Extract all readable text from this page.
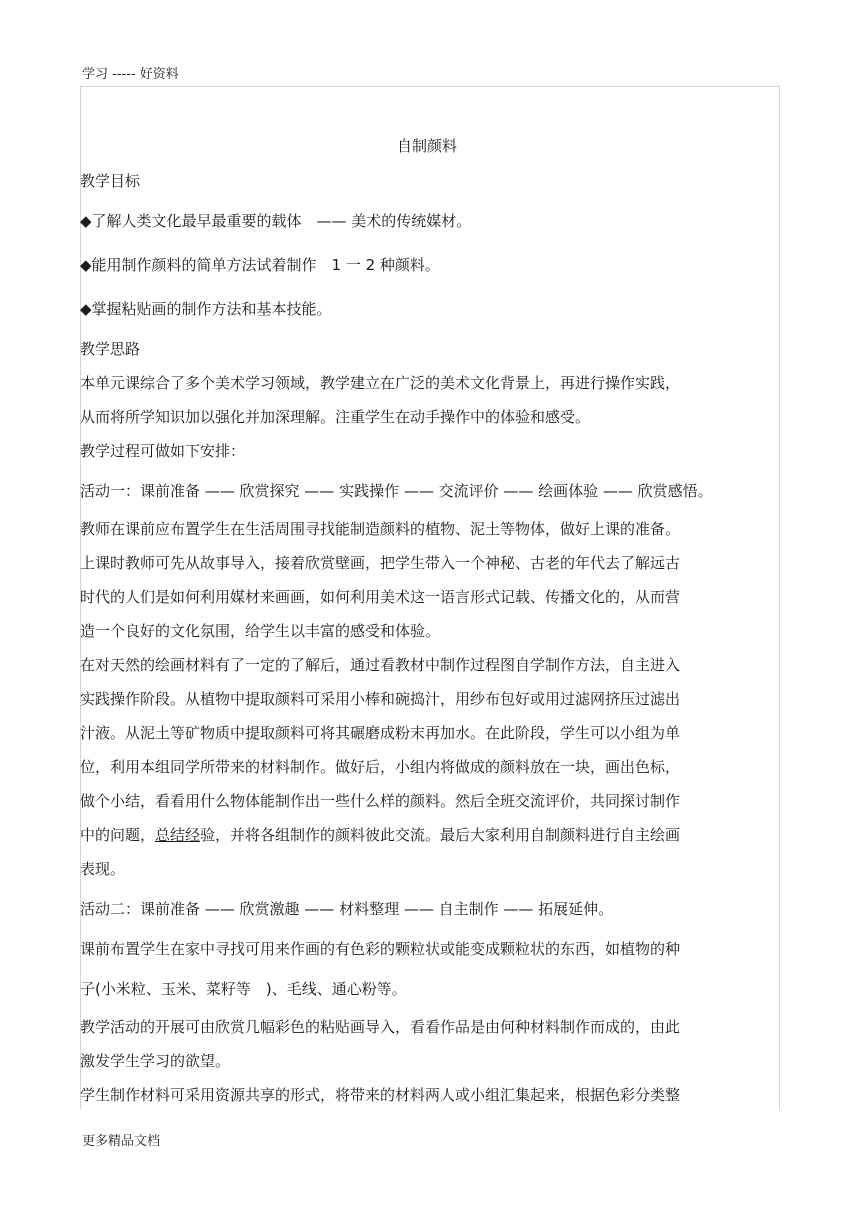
学习 ----- 好资料
自制颜料
教学目标
◆了解人类文化最早最重要的载体　—— 美术的传统媒材。
◆能用制作颜料的简单方法试着制作　1 一 2 种颜料。
◆掌握粘贴画的制作方法和基本技能。
教学思路
本单元课综合了多个美术学习领域，教学建立在广泛的美术文化背景上，再进行操作实践，
从而将所学知识加以强化并加深理解。注重学生在动手操作中的体验和感受。
教学过程可做如下安排：
活动一：课前准备 —— 欣赏探究 —— 实践操作 —— 交流评价 —— 绘画体验 —— 欣赏感悟。
教师在课前应布置学生在生活周围寻找能制造颜料的植物、泥土等物体，做好上课的准备。
上课时教师可先从故事导入，接着欣赏壁画，把学生带入一个神秘、古老的年代去了解远古
时代的人们是如何利用媒材来画画，如何利用美术这一语言形式记载、传播文化的，从而营
造一个良好的文化氛围，给学生以丰富的感受和体验。
在对天然的绘画材料有了一定的了解后，通过看教材中制作过程图自学制作方法，自主进入
实践操作阶段。从植物中提取颜料可采用小棒和碗捣汁，用纱布包好或用过滤网挤压过滤出
汁液。从泥土等矿物质中提取颜料可将其碾磨成粉末再加水。在此阶段，学生可以小组为单
位，利用本组同学所带来的材料制作。做好后，小组内将做成的颜料放在一块，画出色标，
做个小结，看看用什么物体能制作出一些什么样的颜料。然后全班交流评价，共同探讨制作
中的问题，总结经验，并将各组制作的颜料彼此交流。最后大家利用自制颜料进行自主绘画
表现。
活动二：课前准备 —— 欣赏激趣 —— 材料整理 —— 自主制作 —— 拓展延伸。
课前布置学生在家中寻找可用来作画的有色彩的颗粒状或能变成颗粒状的东西，如植物的种
子(小米粒、玉米、菜籽等　)、毛线、通心粉等。
教学活动的开展可由欣赏几幅彩色的粘贴画导入，看看作品是由何种材料制作而成的，由此
激发学生学习的欲望。
学生制作材料可采用资源共享的形式，将带来的材料两人或小组汇集起来，根据色彩分类整
更多精品文档
